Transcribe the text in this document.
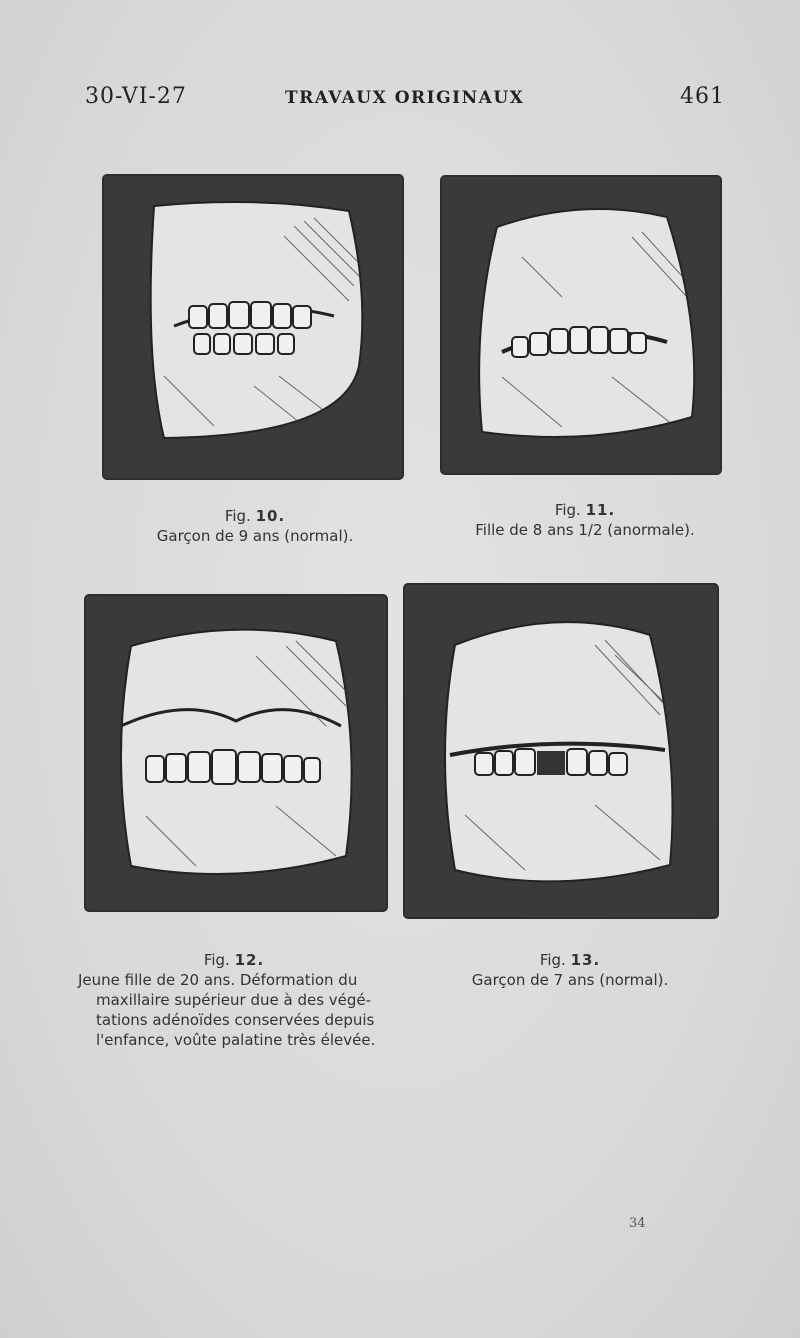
30-VI-27	TRAVAUX ORIGINAUX	461
Fig. 10.
Garçon de 9 ans (normal).
Fig. 11.
Fille de 8 ans 1/2 (anormale).
Fig. 12.
Jeune fille de 20 ans. Déformation du
maxillaire supérieur due à des végé-
tations adénoïdes conservées depuis
l'enfance, voûte palatine très élevée.
Fig. 13.
Garçon de 7 ans (normal).
34
